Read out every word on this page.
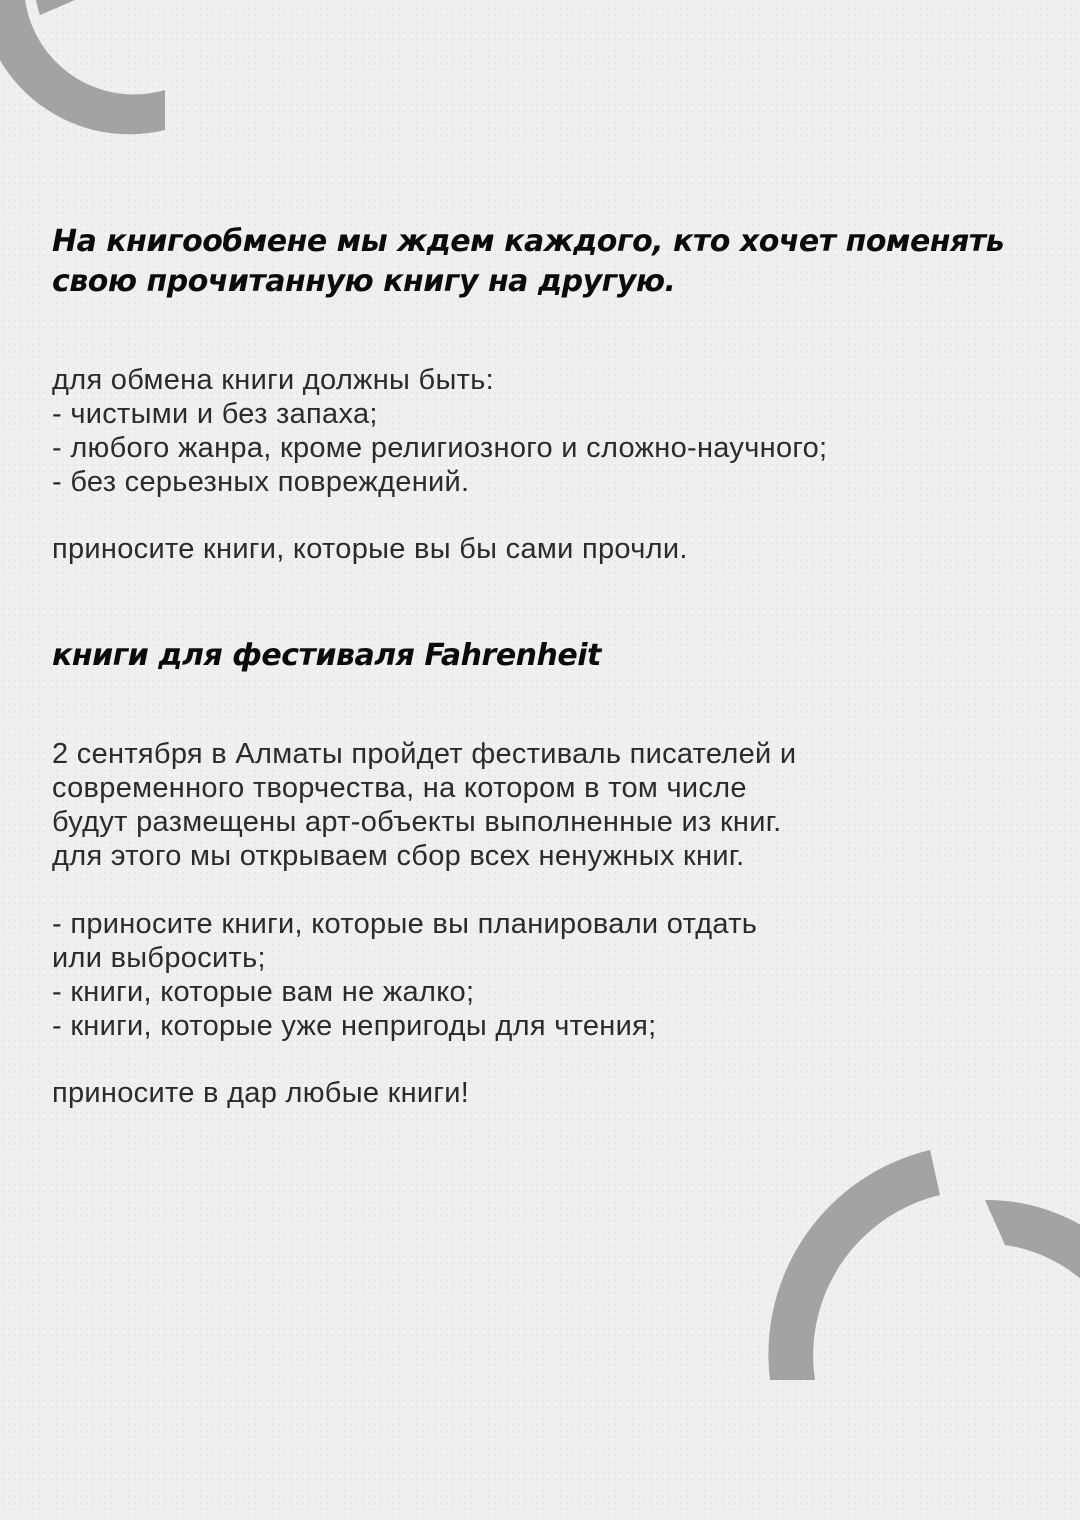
На книгообмене мы ждем каждого, кто хочет поменять свою прочитанную книгу на другую.

для обмена книги должны быть:

- чистыми и без запаха;

- любого жанра, кроме религиозного и сложно-научного;

- без серьезных повреждений.

приносите книги, которые вы бы сами прочли.

книги для фестиваля Fahrenheit

2 сентября в Алматы пройдет фестиваль писателей и

современного творчества, на котором в том числе

будут размещены арт-объекты выполненные из книг.

для этого мы открываем сбор всех ненужных книг.

- приносите книги, которые вы планировали отдать

или выбросить;

- книги, которые вам не жалко;

- книги, которые уже непригоды для чтения;

приносите в дар любые книги!
